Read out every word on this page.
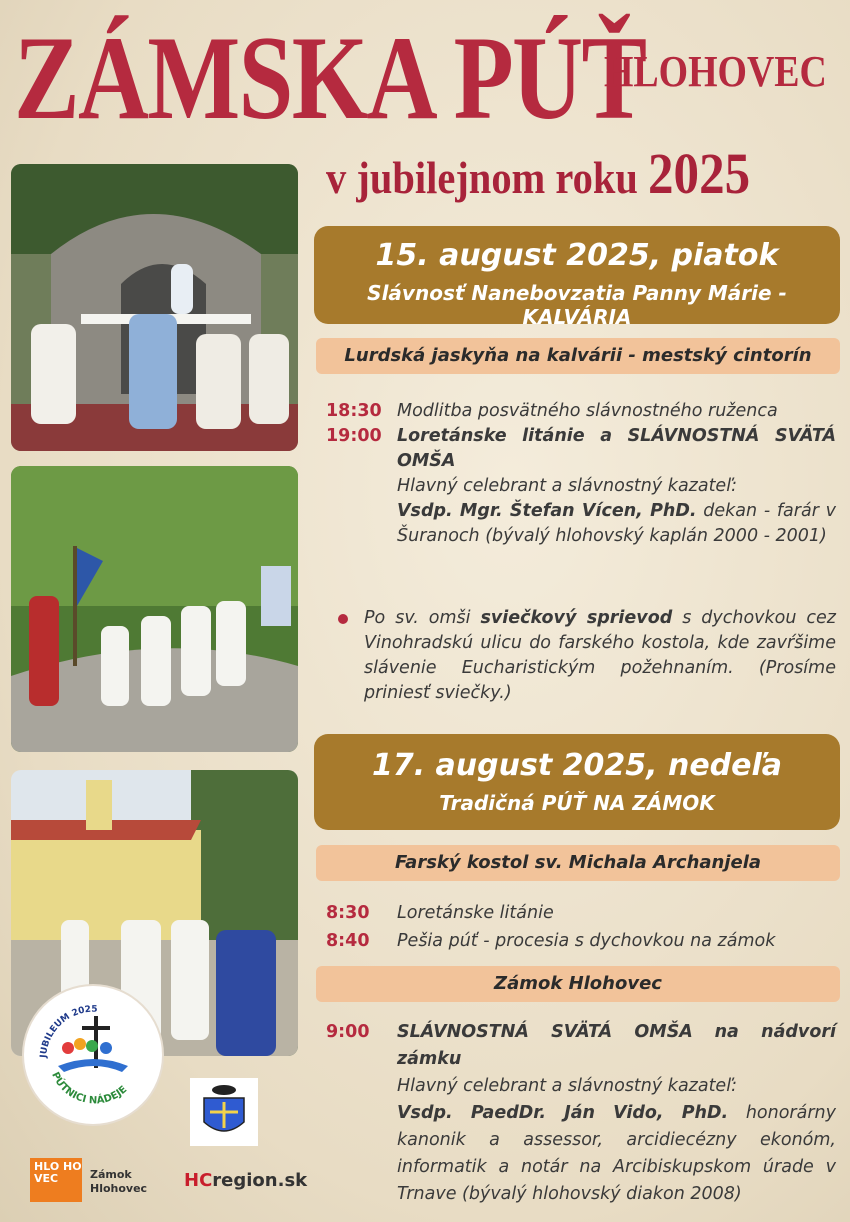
ZÁMSKA PÚŤ
HLOHOVEC
v jubilejnom roku 2025
15. august 2025, piatok
Slávnosť Nanebovzatia Panny Márie - KALVÁRIA
Lurdská jaskyňa na kalvárii - mestský cintorín
18:30 Modlitba posvätného slávnostného ruženca
19:00 Loretánske litánie a SLÁVNOSTNÁ SVÄTÁ OMŠA
Hlavný celebrant a slávnostný kazateľ:
Vsdp. Mgr. Štefan Vícen, PhD. dekan - farár v Šuranoch (bývalý hlohovský kaplán 2000 - 2001)
Po sv. omši sviečkový sprievod s dychovkou cez Vinohradskú ulicu do farského kostola, kde zavŕšime slávenie Eucharistickým požehnaním. (Prosíme priniesť sviečky.)
17. august 2025, nedeľa
Tradičná PÚŤ NA ZÁMOK
Farský kostol sv. Michala Archanjela
8:30	Loretánske litánie
8:40	Pešia púť - procesia s dychovkou na zámok
Zámok Hlohovec
9:00	SLÁVNOSTNÁ SVÄTÁ OMŠA na nádvorí zámku
Hlavný celebrant a slávnostný kazateľ:
Vsdp. PaedDr. Ján Vido, PhD. honorárny kanonik a assessor, arcidiecézny ekonóm, informatik a notár na Arcibiskupskom úrade v Trnave (bývalý hlohovský diakon 2008)
JUBILEUM 2025
PÚTNICI NÁDEJE
HLO HO VEC	Zámok
Hlohovec HCregion.sk
